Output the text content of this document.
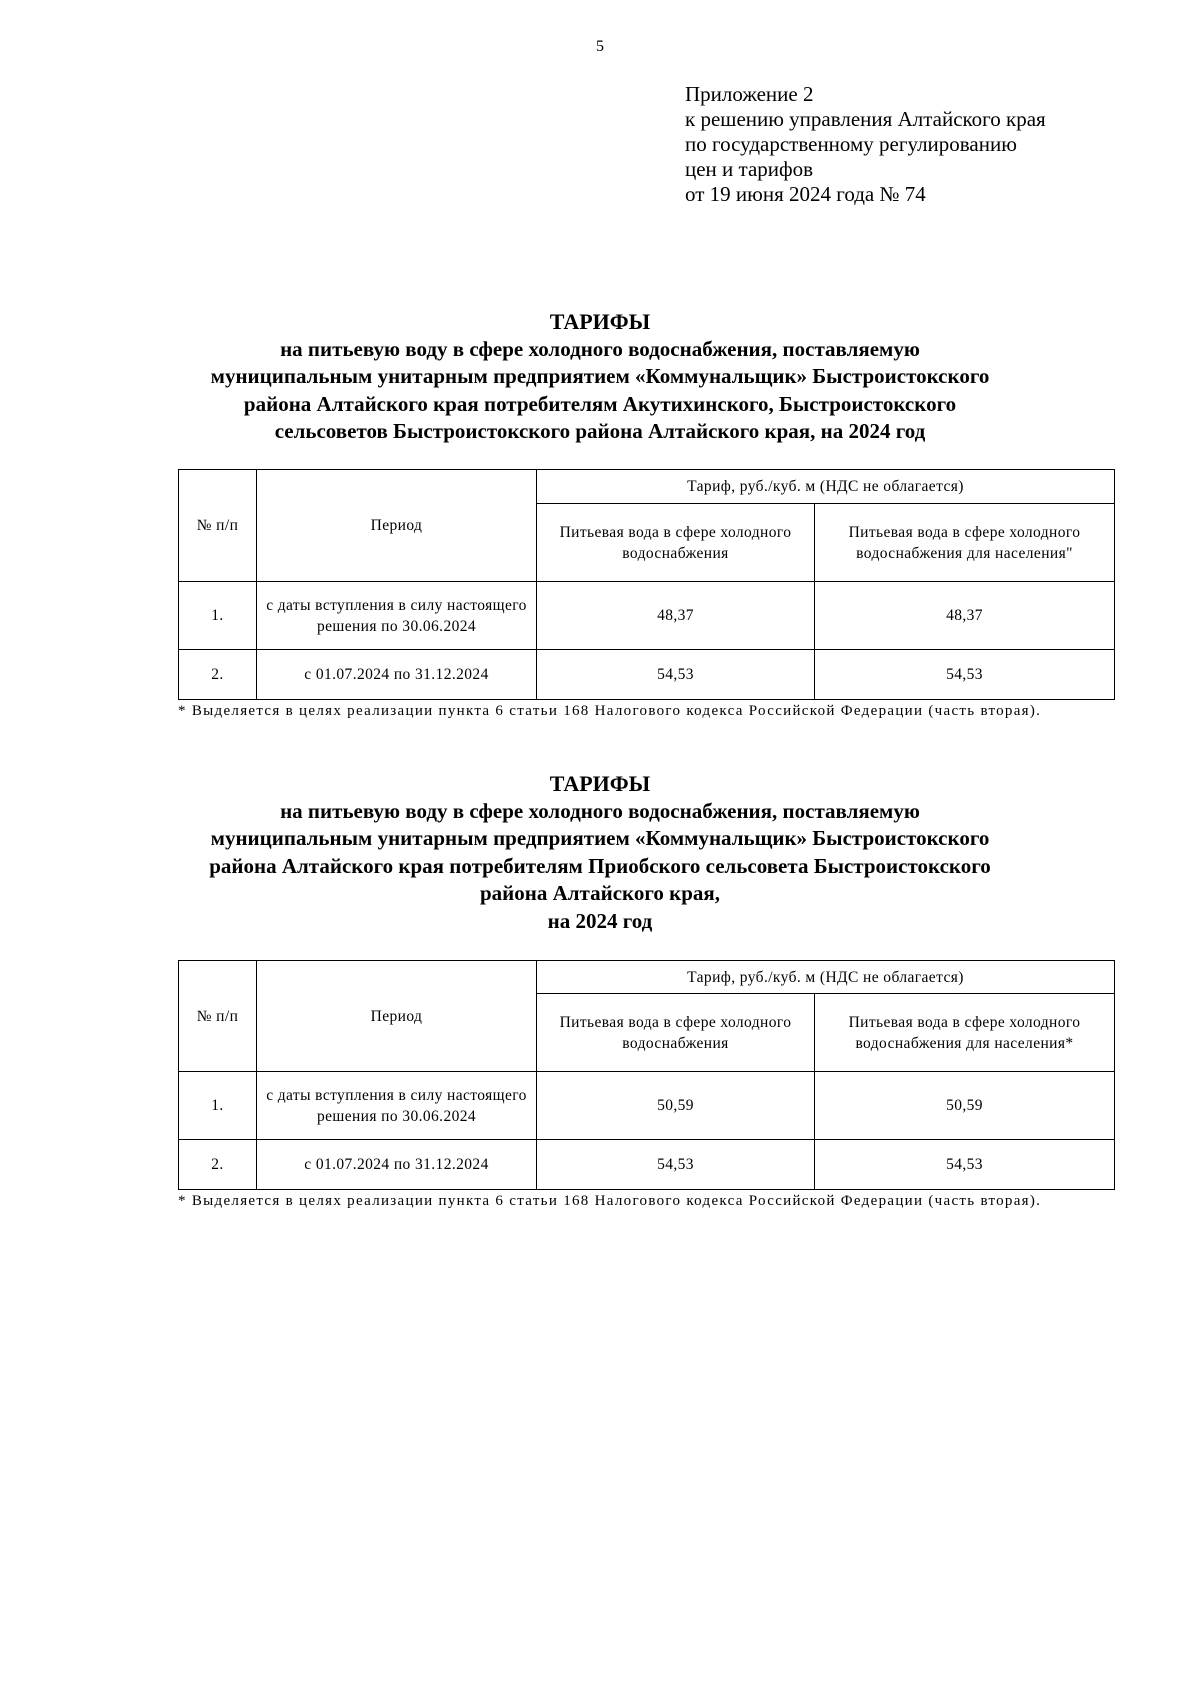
5
Приложение 2
к решению управления Алтайского края
по государственному регулированию
цен и тарифов
от 19 июня 2024 года № 74
ТАРИФЫ
на питьевую воду в сфере холодного водоснабжения, поставляемую
муниципальным унитарным предприятием «Коммунальщик» Быстроистокского
района Алтайского края потребителям Акутихинского, Быстроистокского
сельсоветов Быстроистокского района Алтайского края, на 2024 год
№ п/п	Период	Тариф, руб./куб. м (НДС не облагается)	
		Питьевая вода в сфере холодного водоснабжения	Питьевая вода в сфере холодного водоснабжения для населения"
1.	с даты вступления в силу настоящего решения по 30.06.2024	48,37	48,37
2.	с 01.07.2024 по 31.12.2024	54,53	54,53
* Выделяется в целях реализации пункта 6 статьи 168 Налогового кодекса Российской Федерации (часть вторая).
ТАРИФЫ
на питьевую воду в сфере холодного водоснабжения, поставляемую
муниципальным унитарным предприятием «Коммунальщик» Быстроистокского
района Алтайского края потребителям Приобского сельсовета Быстроистокского
района Алтайского края,
на 2024 год
№ п/п	Период	Тариф, руб./куб. м (НДС не облагается)	
		Питьевая вода в сфере холодного водоснабжения	Питьевая вода в сфере холодного водоснабжения для населения*
1.	с даты вступления в силу настоящего решения по 30.06.2024	50,59	50,59
2.	с 01.07.2024 по 31.12.2024	54,53	54,53
* Выделяется в целях реализации пункта 6 статьи 168 Налогового кодекса Российской Федерации (часть вторая).
